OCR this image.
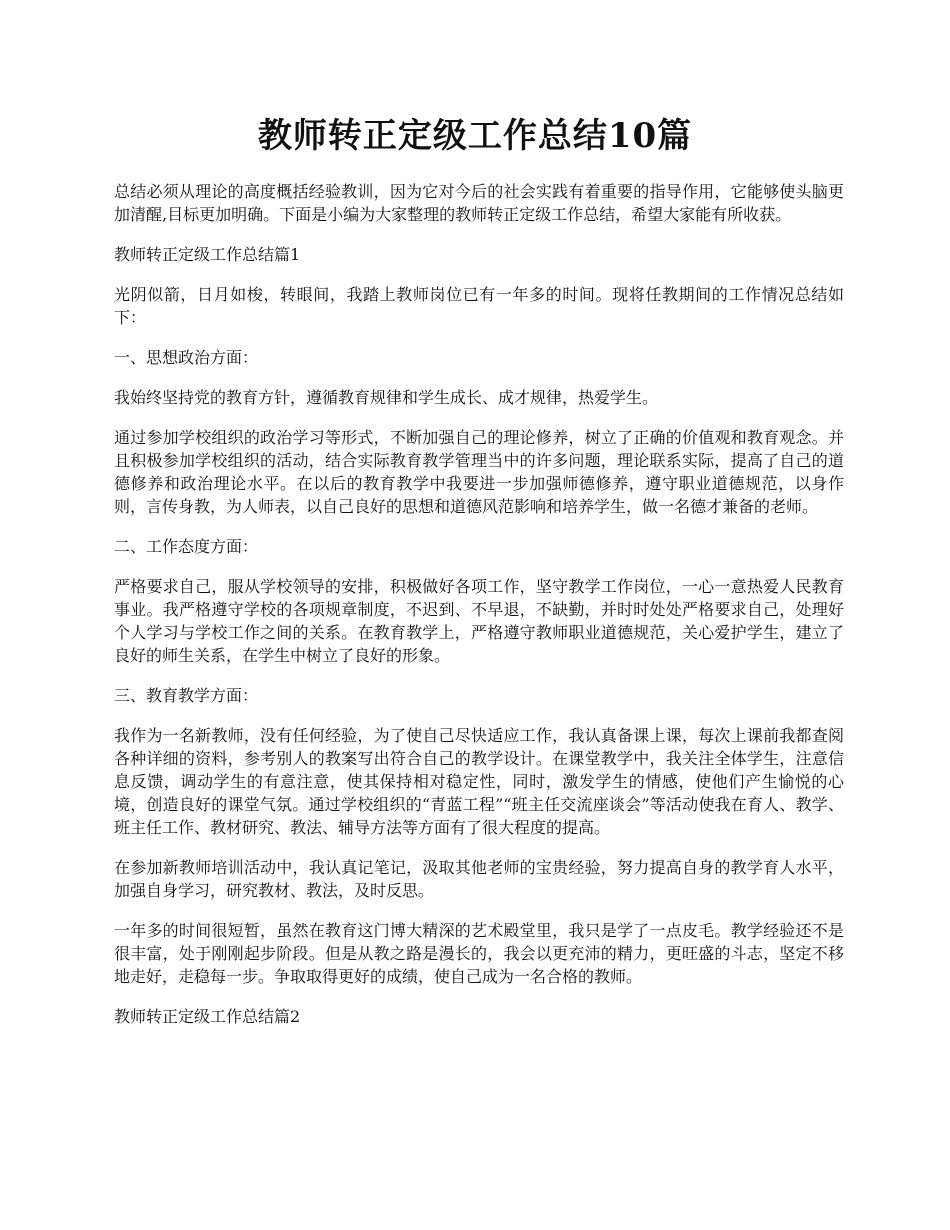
教师转正定级工作总结10篇

总结必须从理论的高度概括经验教训，因为它对今后的社会实践有着重要的指导作用，它能够使头脑更加清醒,目标更加明确。下面是小编为大家整理的教师转正定级工作总结，希望大家能有所收获。

教师转正定级工作总结篇1

光阴似箭，日月如梭，转眼间，我踏上教师岗位已有一年多的时间。现将任教期间的工作情况总结如下：

一、思想政治方面：

我始终坚持党的教育方针，遵循教育规律和学生成长、成才规律，热爱学生。

通过参加学校组织的政治学习等形式，不断加强自己的理论修养，树立了正确的价值观和教育观念。并且积极参加学校组织的活动，结合实际教育教学管理当中的许多问题，理论联系实际，提高了自己的道德修养和政治理论水平。在以后的教育教学中我要进一步加强师德修养，遵守职业道德规范，以身作则，言传身教，为人师表，以自己良好的思想和道德风范影响和培养学生，做一名德才兼备的老师。

二、工作态度方面：

严格要求自己，服从学校领导的安排，积极做好各项工作，坚守教学工作岗位，一心一意热爱人民教育事业。我严格遵守学校的各项规章制度，不迟到、不早退，不缺勤，并时时处处严格要求自己，处理好个人学习与学校工作之间的关系。在教育教学上，严格遵守教师职业道德规范，关心爱护学生，建立了良好的师生关系，在学生中树立了良好的形象。

三、教育教学方面：

我作为一名新教师，没有任何经验，为了使自己尽快适应工作，我认真备课上课，每次上课前我都查阅各种详细的资料，参考别人的教案写出符合自己的教学设计。在课堂教学中，我关注全体学生，注意信息反馈，调动学生的有意注意，使其保持相对稳定性，同时，激发学生的情感，使他们产生愉悦的心境，创造良好的课堂气氛。通过学校组织的“青蓝工程”“班主任交流座谈会”等活动使我在育人、教学、班主任工作、教材研究、教法、辅导方法等方面有了很大程度的提高。

在参加新教师培训活动中，我认真记笔记，汲取其他老师的宝贵经验，努力提高自身的教学育人水平，加强自身学习，研究教材、教法，及时反思。

一年多的时间很短暂，虽然在教育这门博大精深的艺术殿堂里，我只是学了一点皮毛。教学经验还不是很丰富，处于刚刚起步阶段。但是从教之路是漫长的，我会以更充沛的精力，更旺盛的斗志，坚定不移地走好，走稳每一步。争取取得更好的成绩，使自己成为一名合格的教师。

教师转正定级工作总结篇2
